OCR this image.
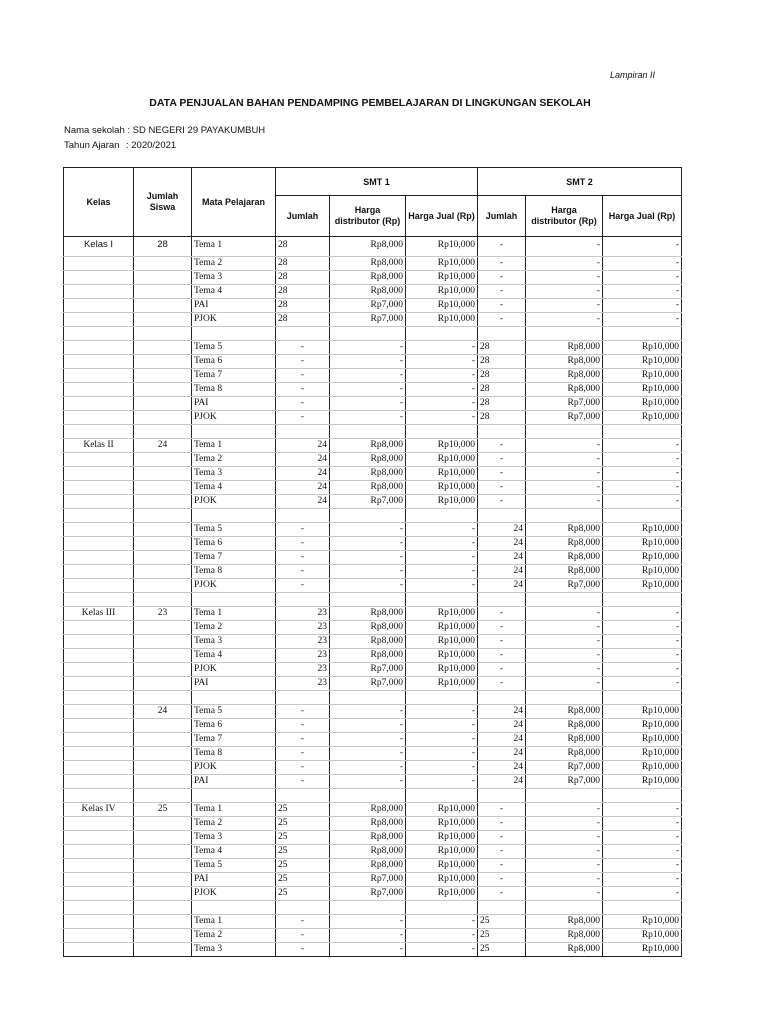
Lampiran II
DATA PENJUALAN BAHAN PENDAMPING PEMBELAJARAN DI LINGKUNGAN SEKOLAH
Nama sekolah : SD NEGERI 29 PAYAKUMBUH
Tahun Ajaran : 2020/2021
Kelas	Jumlah Siswa	Mata Pelajaran	SMT 1			SMT 2		
			Jumlah	Harga distributor (Rp)	Harga Jual (Rp)	Jumlah	Harga distributor (Rp)	Harga Jual (Rp)
Kelas I	28	Tema 1	28	Rp8,000	Rp10,000	-	-	-
		Tema 2	28	Rp8,000	Rp10,000	-	-	-
		Tema 3	28	Rp8,000	Rp10,000	-	-	-
		Tema 4	28	Rp8,000	Rp10,000	-	-	-
		PAI	28	Rp7,000	Rp10,000	-	-	-
		PJOK	28	Rp7,000	Rp10,000	-	-	-

		Tema 5	-	-	-	28	Rp8,000	Rp10,000
		Tema 6	-	-	-	28	Rp8,000	Rp10,000
		Tema 7	-	-	-	28	Rp8,000	Rp10,000
		Tema 8	-	-	-	28	Rp8,000	Rp10,000
		PAI	-	-	-	28	Rp7,000	Rp10,000
		PJOK	-	-	-	28	Rp7,000	Rp10,000

Kelas II	24	Tema 1	24	Rp8,000	Rp10,000	-	-	-
		Tema 2	24	Rp8,000	Rp10,000	-	-	-
		Tema 3	24	Rp8,000	Rp10,000	-	-	-
		Tema 4	24	Rp8,000	Rp10,000	-	-	-
		PJOK	24	Rp7,000	Rp10,000	-	-	-

		Tema 5	-	-	-	24	Rp8,000	Rp10,000
		Tema 6	-	-	-	24	Rp8,000	Rp10,000
		Tema 7	-	-	-	24	Rp8,000	Rp10,000
		Tema 8	-	-	-	24	Rp8,000	Rp10,000
		PJOK	-	-	-	24	Rp7,000	Rp10,000

Kelas III	23	Tema 1	23	Rp8,000	Rp10,000	-	-	-
		Tema 2	23	Rp8,000	Rp10,000	-	-	-
		Tema 3	23	Rp8,000	Rp10,000	-	-	-
		Tema 4	23	Rp8,000	Rp10,000	-	-	-
		PJOK	23	Rp7,000	Rp10,000	-	-	-
		PAI	23	Rp7,000	Rp10,000	-	-	-

	24	Tema 5	-	-	-	24	Rp8,000	Rp10,000
		Tema 6	-	-	-	24	Rp8,000	Rp10,000
		Tema 7	-	-	-	24	Rp8,000	Rp10,000
		Tema 8	-	-	-	24	Rp8,000	Rp10,000
		PJOK	-	-	-	24	Rp7,000	Rp10,000
		PAI	-	-	-	24	Rp7,000	Rp10,000

Kelas IV	25	Tema 1	25	Rp8,000	Rp10,000	-	-	-
		Tema 2	25	Rp8,000	Rp10,000	-	-	-
		Tema 3	25	Rp8,000	Rp10,000	-	-	-
		Tema 4	25	Rp8,000	Rp10,000	-	-	-
		Tema 5	25	Rp8,000	Rp10,000	-	-	-
		PAI	25	Rp7,000	Rp10,000	-	-	-
		PJOK	25	Rp7,000	Rp10,000	-	-	-

		Tema 1	-	-	-	25	Rp8,000	Rp10,000
		Tema 2	-	-	-	25	Rp8,000	Rp10,000
		Tema 3	-	-	-	25	Rp8,000	Rp10,000
